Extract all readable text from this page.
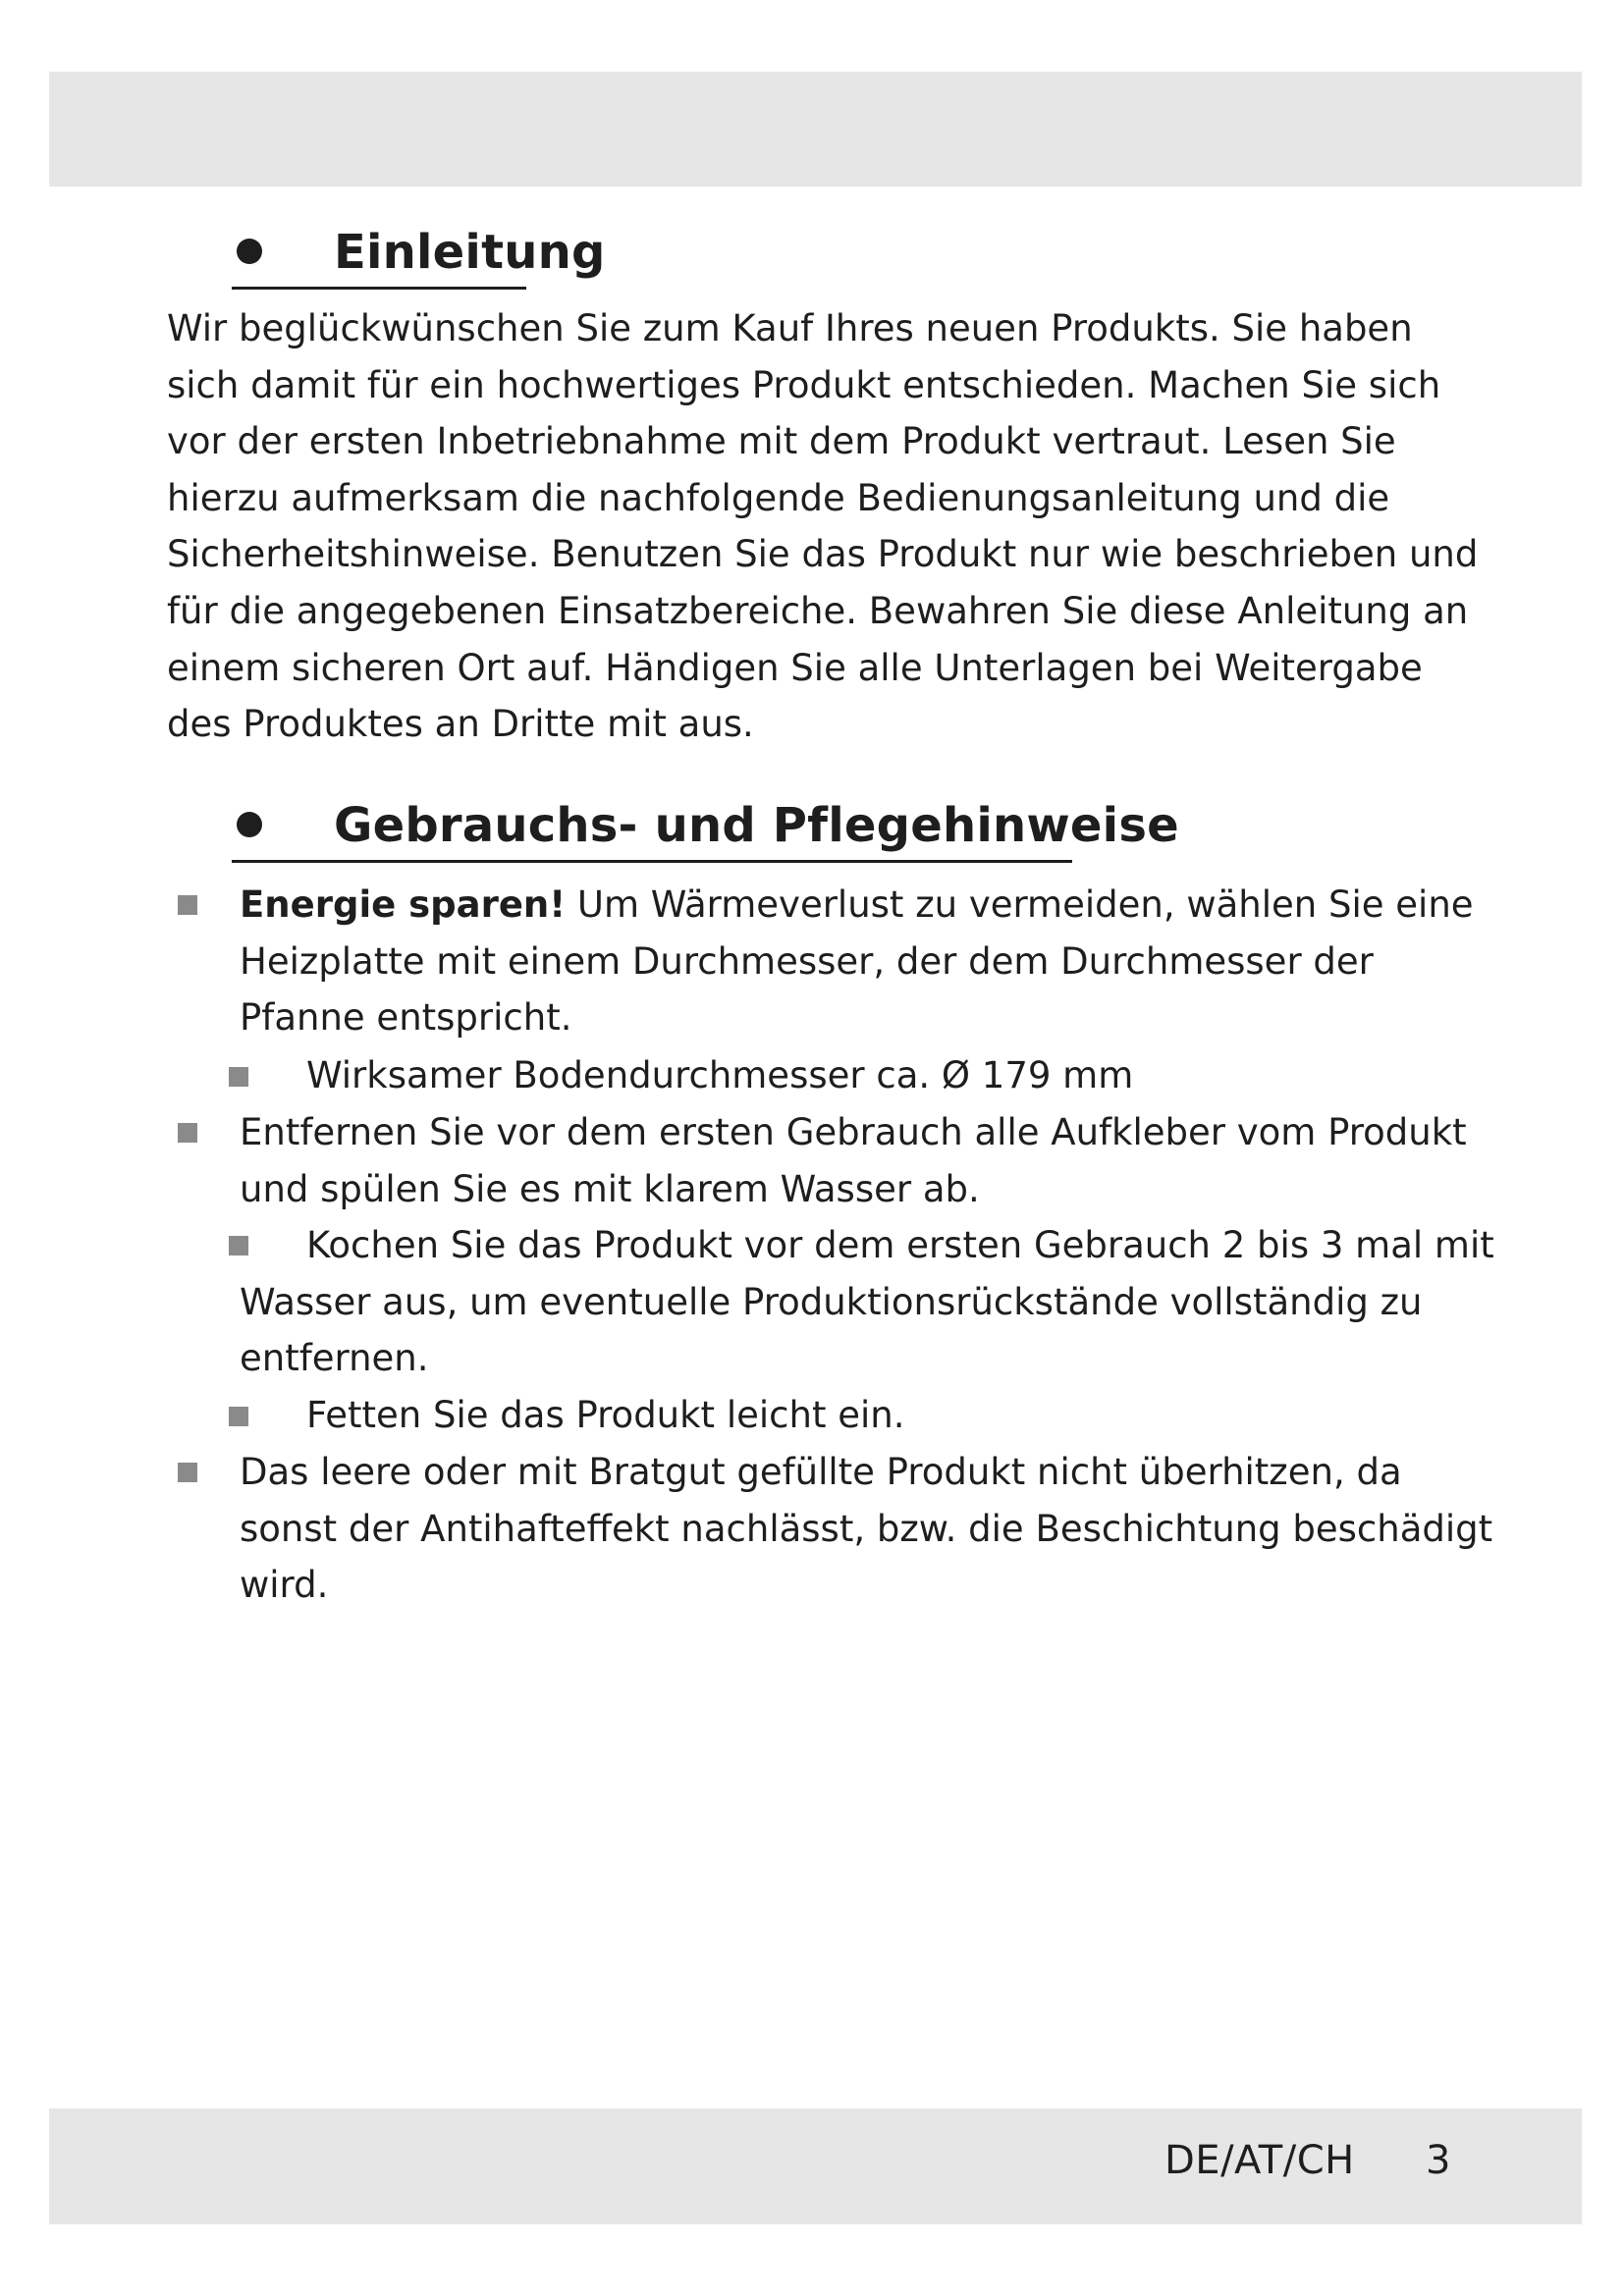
Einleitung

Wir beglückwünschen Sie zum Kauf Ihres neuen Produkts. Sie haben sich damit für ein hochwertiges Produkt entschieden. Machen Sie sich vor der ersten Inbetriebnahme mit dem Produkt vertraut. Lesen Sie hierzu aufmerksam die nachfolgende Bedienungsanleitung und die Sicherheitshinweise. Benutzen Sie das Produkt nur wie beschrieben und für die angegebenen Einsatzbereiche. Bewahren Sie diese Anleitung an einem sicheren Ort auf. Händigen Sie alle Unterlagen bei Weitergabe des Produktes an Dritte mit aus.

Gebrauchs- und Pflegehinweise
Energie sparen! Um Wärmeverlust zu vermeiden, wählen Sie eine Heizplatte mit einem Durchmesser, der dem Durchmesser der Pfanne entspricht.
Wirksamer Bodendurchmesser ca. Ø 179 mm
Entfernen Sie vor dem ersten Gebrauch alle Aufkleber vom Produkt und spülen Sie es mit klarem Wasser ab.
Kochen Sie das Produkt vor dem ersten Gebrauch 2 bis 3 mal mit Wasser aus, um eventuelle Produktionsrückstände vollständig zu entfernen.
Fetten Sie das Produkt leicht ein.
Das leere oder mit Bratgut gefüllte Produkt nicht überhitzen, da sonst der Antihafteffekt nachlässt, bzw. die Beschichtung beschädigt wird.
DE/AT/CH 3
